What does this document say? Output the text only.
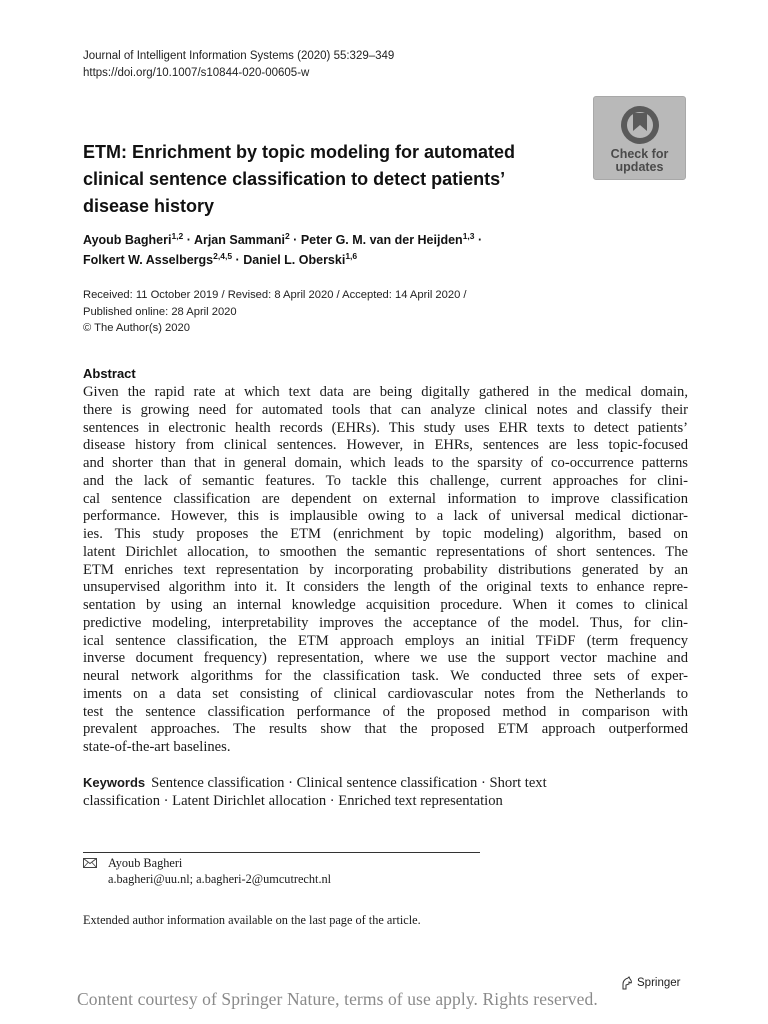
Journal of Intelligent Information Systems (2020) 55:329–349
https://doi.org/10.1007/s10844-020-00605-w
Check for
updates
ETM: Enrichment by topic modeling for automated
clinical sentence classification to detect patients’
disease history
Ayoub Bagheri$^{1,2}$ · Arjan Sammani$^2$ · Peter G. M. van der Heijden$^{1,3}$ ·
Folkert W. Asselbergs$^{2,4,5}$ · Daniel L. Oberski$^{1,6}$
Received: 11 October 2019 / Revised: 8 April 2020 / Accepted: 14 April 2020 /
Published online: 28 April 2020
© The Author(s) 2020
Abstract
Given the rapid rate at which text data are being digitally gathered in the medical domain,
there is growing need for automated tools that can analyze clinical notes and classify their
sentences in electronic health records (EHRs). This study uses EHR texts to detect patients’
disease history from clinical sentences. However, in EHRs, sentences are less topic-focused
and shorter than that in general domain, which leads to the sparsity of co-occurrence patterns
and the lack of semantic features. To tackle this challenge, current approaches for clini-
cal sentence classification are dependent on external information to improve classification
performance. However, this is implausible owing to a lack of universal medical dictionar-
ies. This study proposes the ETM (enrichment by topic modeling) algorithm, based on
latent Dirichlet allocation, to smoothen the semantic representations of short sentences. The
ETM enriches text representation by incorporating probability distributions generated by an
unsupervised algorithm into it. It considers the length of the original texts to enhance repre-
sentation by using an internal knowledge acquisition procedure. When it comes to clinical
predictive modeling, interpretability improves the acceptance of the model. Thus, for clin-
ical sentence classification, the ETM approach employs an initial TFiDF (term frequency
inverse document frequency) representation, where we use the support vector machine and
neural network algorithms for the classification task. We conducted three sets of exper-
iments on a data set consisting of clinical cardiovascular notes from the Netherlands to
test the sentence classification performance of the proposed method in comparison with
prevalent approaches. The results show that the proposed ETM approach outperformed
state-of-the-art baselines.
Keywords Sentence classification · Clinical sentence classification · Short text
classification · Latent Dirichlet allocation · Enriched text representation
Ayoub Bagheri
a.bagheri@uu.nl; a.bagheri-2@umcutrecht.nl
Extended author information available on the last page of the article.
Springer
Content courtesy of Springer Nature, terms of use apply. Rights reserved.
